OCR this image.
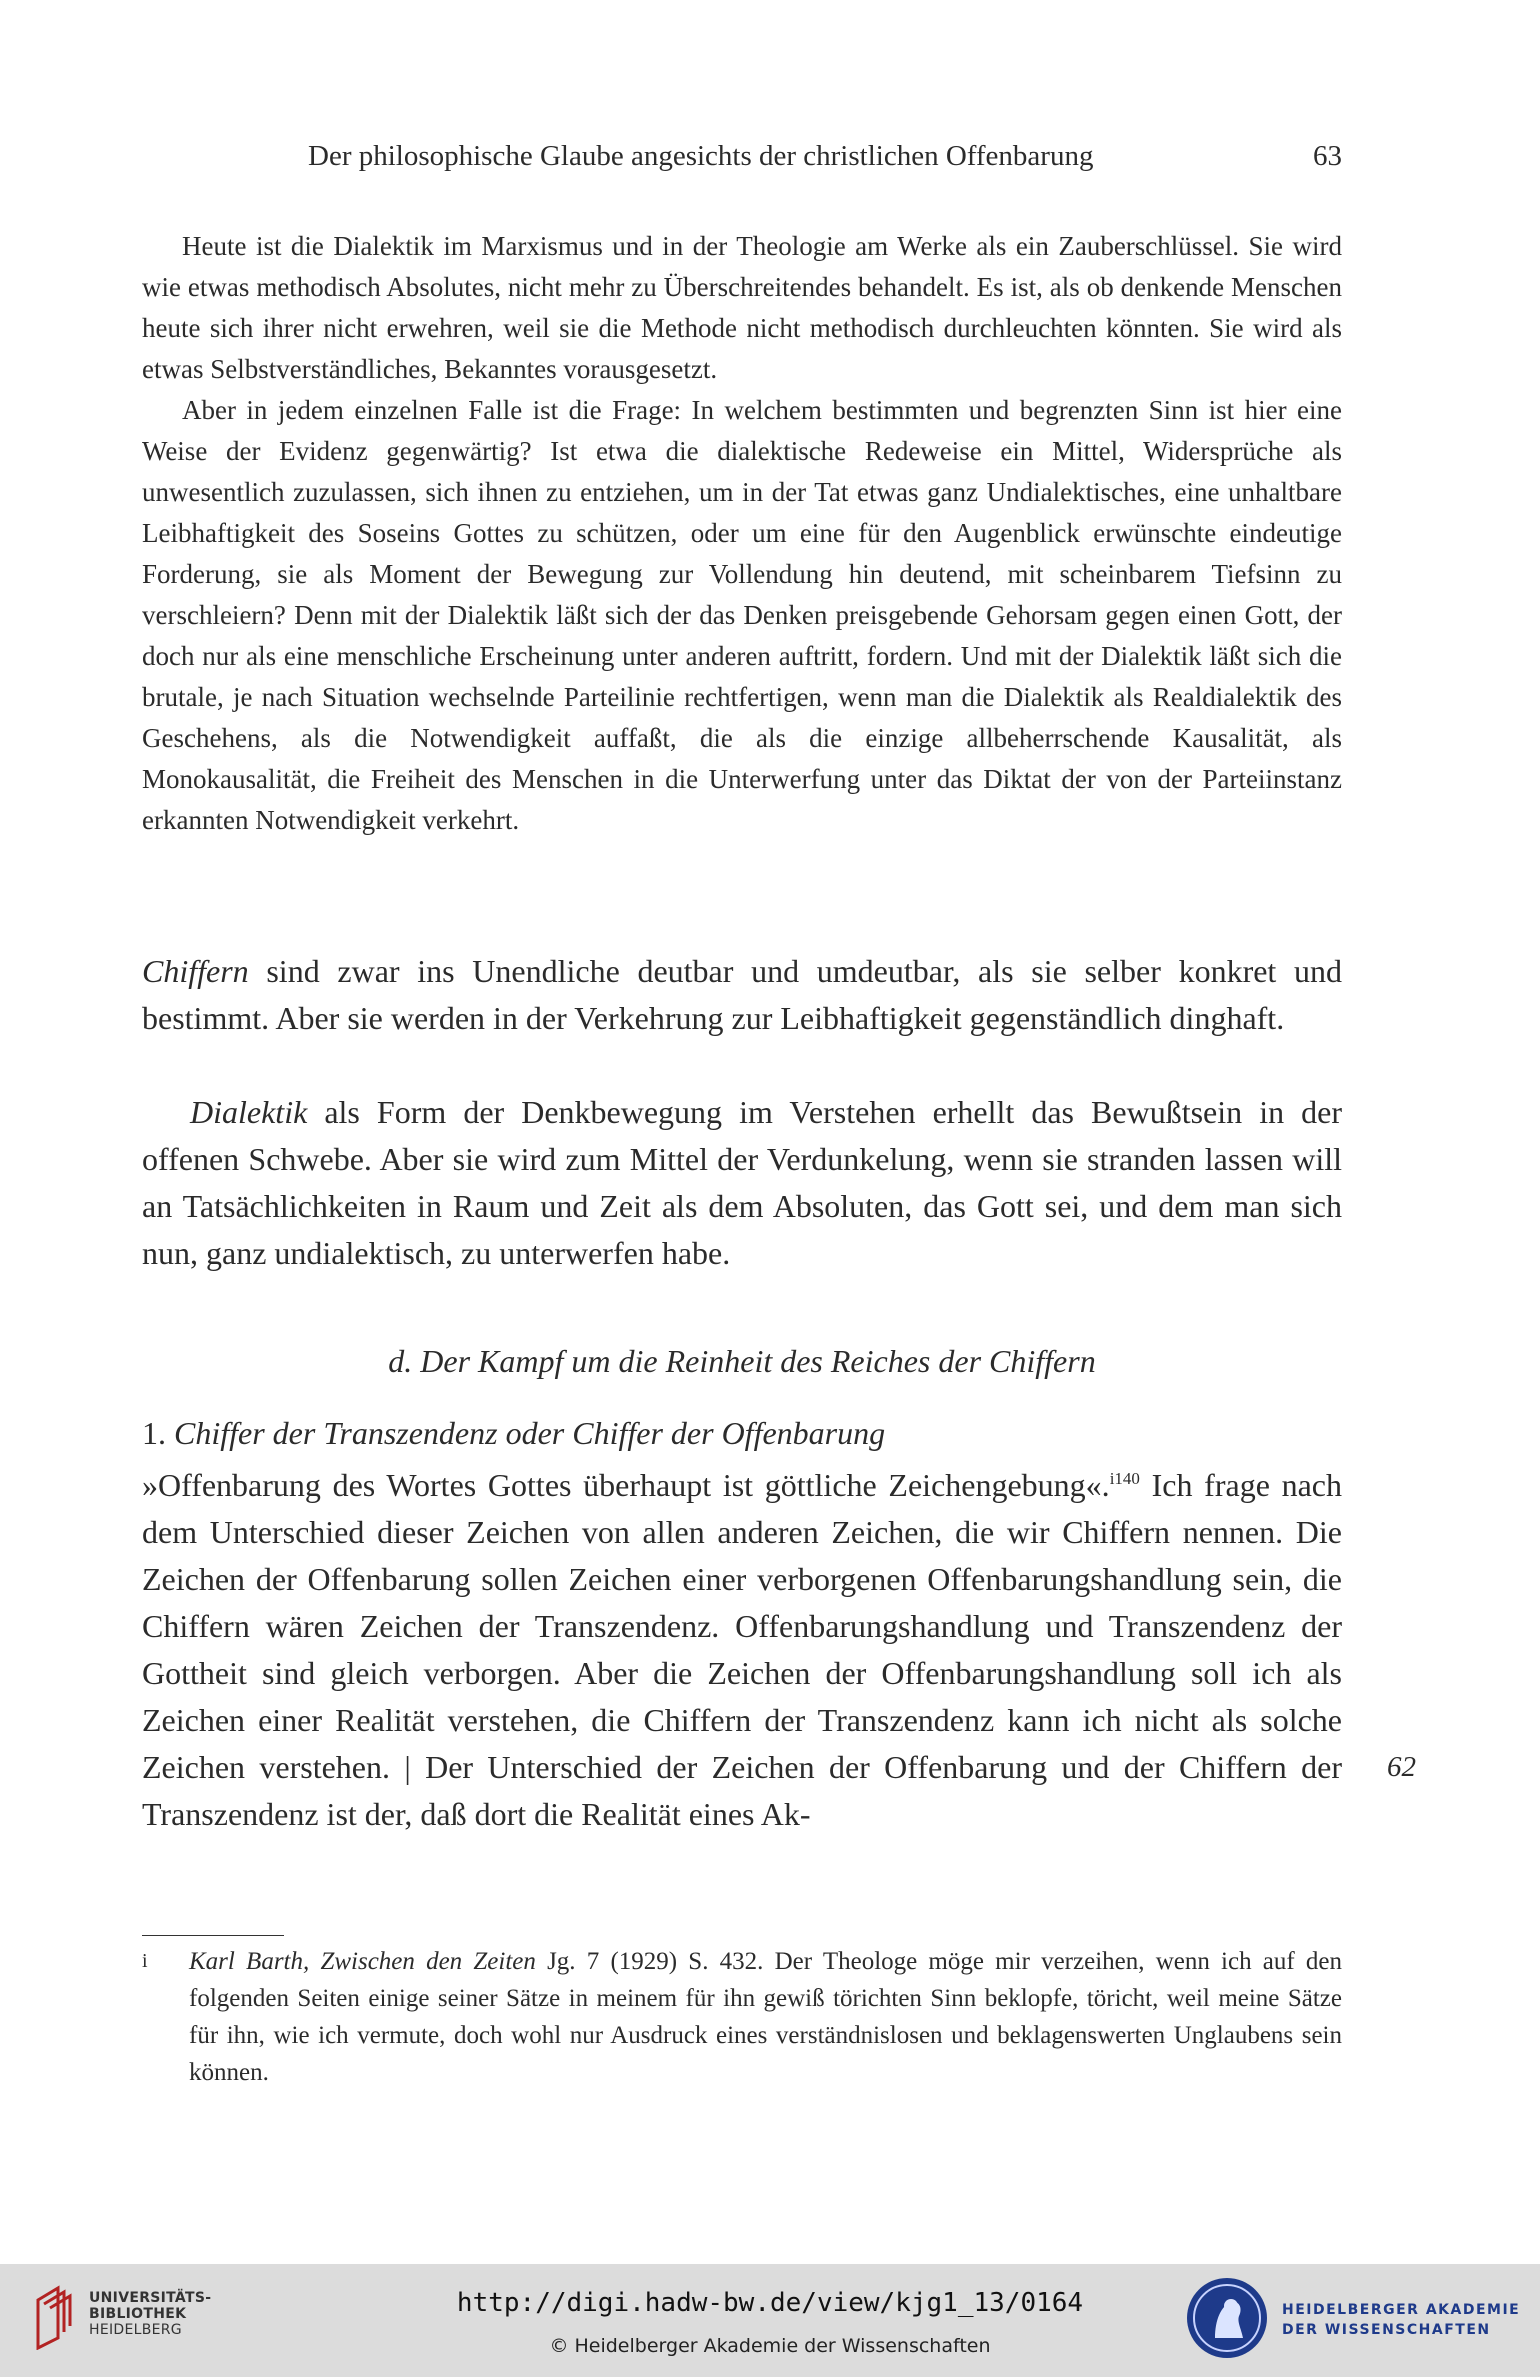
Der philosophische Glaube angesichts der christlichen Offenbarung	63

Heute ist die Dialektik im Marxismus und in der Theologie am Werke als ein Zauberschlüssel. Sie wird wie etwas methodisch Absolutes, nicht mehr zu Überschreitendes behandelt. Es ist, als ob denkende Menschen heute sich ihrer nicht erwehren, weil sie die Methode nicht methodisch durchleuchten könnten. Sie wird als etwas Selbstverständliches, Bekanntes vorausgesetzt.

Aber in jedem einzelnen Falle ist die Frage: In welchem bestimmten und begrenzten Sinn ist hier eine Weise der Evidenz gegenwärtig? Ist etwa die dialektische Redeweise ein Mittel, Widersprüche als unwesentlich zuzulassen, sich ihnen zu entziehen, um in der Tat etwas ganz Undialektisches, eine unhaltbare Leibhaftigkeit des Soseins Gottes zu schützen, oder um eine für den Augenblick erwünschte eindeutige Forderung, sie als Moment der Bewegung zur Vollendung hin deutend, mit scheinbarem Tiefsinn zu verschleiern? Denn mit der Dialektik läßt sich der das Denken preisgebende Gehorsam gegen einen Gott, der doch nur als eine menschliche Erscheinung unter anderen auftritt, fordern. Und mit der Dialektik läßt sich die brutale, je nach Situation wechselnde Parteilinie rechtfertigen, wenn man die Dialektik als Realdialektik des Geschehens, als die Notwendigkeit auffaßt, die als die einzige allbeherrschende Kausalität, als Monokausalität, die Freiheit des Menschen in die Unterwerfung unter das Diktat der von der Parteiinstanz erkannten Notwendigkeit verkehrt.

Chiffern sind zwar ins Unendliche deutbar und umdeutbar, als sie selber konkret und bestimmt. Aber sie werden in der Verkehrung zur Leibhaftigkeit gegenständlich dinghaft.

Dialektik als Form der Denkbewegung im Verstehen erhellt das Bewußtsein in der offenen Schwebe. Aber sie wird zum Mittel der Verdunkelung, wenn sie stranden lassen will an Tatsächlichkeiten in Raum und Zeit als dem Absoluten, das Gott sei, und dem man sich nun, ganz undialektisch, zu unterwerfen habe.

d. Der Kampf um die Reinheit des Reiches der Chiffern
1. Chiffer der Transzendenz oder Chiffer der Offenbarung

»Offenbarung des Wortes Gottes überhaupt ist göttliche Zeichengebung«.$^{i140}$ Ich frage nach dem Unterschied dieser Zeichen von allen anderen Zeichen, die wir Chiffern nennen. Die Zeichen der Offenbarung sollen Zeichen einer verborgenen Offenbarungshandlung sein, die Chiffern wären Zeichen der Transzendenz. Offenbarungshandlung und Transzendenz der Gottheit sind gleich verborgen. Aber die Zeichen der Offenbarungshandlung soll ich als Zeichen einer Realität verstehen, die Chiffern der Transzendenz kann ich nicht als solche Zeichen verstehen. | Der Unterschied der Zeichen der Offenbarung und der Chiffern der Transzendenz ist der, daß dort die Realität eines Ak-

62
i Karl Barth, Zwischen den Zeiten Jg. 7 (1929) S. 432. Der Theologe möge mir verzeihen, wenn ich auf den folgenden Seiten einige seiner Sätze in meinem für ihn gewiß törichten Sinn beklopfe, töricht, weil meine Sätze für ihn, wie ich vermute, doch wohl nur Ausdruck eines verständnislosen und beklagenswerten Unglaubens sein können.
UNIVERSITÄTS-
BIBLIOTHEK
HEIDELBERG
http://digi.hadw-bw.de/view/kjg1_13/0164
© Heidelberger Akademie der Wissenschaften
HEIDELBERGER AKADEMIE
DER WISSENSCHAFTEN
